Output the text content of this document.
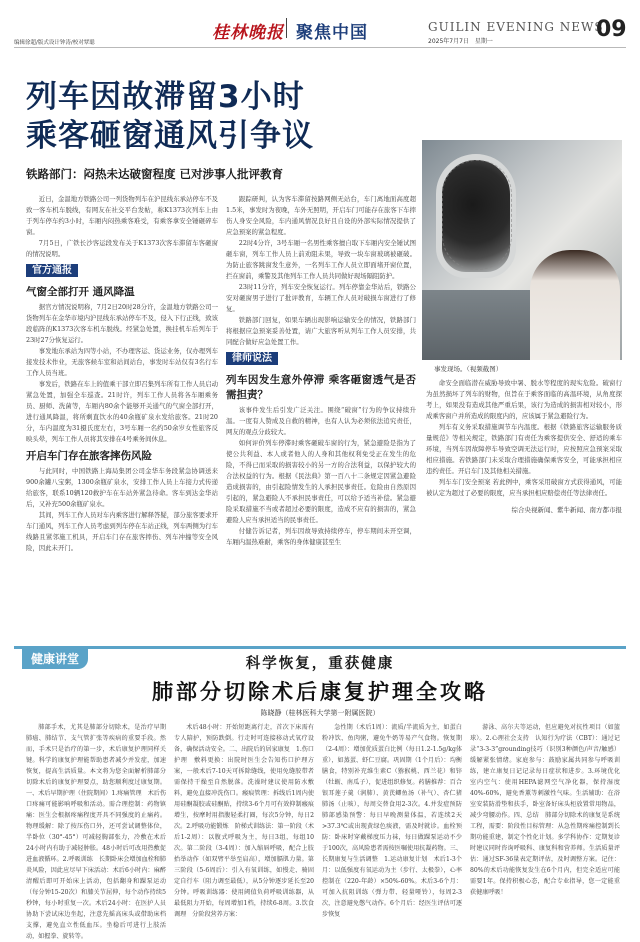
编辑徐超/版式设计钟涛/校对覃聪	桂林晚报 聚焦中国	GUILIN EVENING NEWS
2025年7月7日　星期一	09
列车因故滞留3小时
乘客砸窗通风引争议
铁路部门：闷热未达破窗程度 已对涉事人批评教育
事发现场。（视频截图）

近日，金温地方铁路公司一列货物列车在沪昆线东承站停车不及致一客车机车脱线，有网友在社交平台发帖，称K1373次列车上由于列车停车约3小时，车厢内闷热乘客难受，有乘客拿安全锤砸碎车窗。

7月5日，广铁长沙客运段发布关于K1373次客车滞留车客砸窗的情况说明。

官方通报
气窗全部打开 通风降温

据官方情况说明称，7月2日20时28分许，金温地方铁路公司一货物列车在金华市境内沪昆线东承站停车不及，侵入下行正线，致该段临阵的K1373次客车机车脱线。经紧急处置，换挂机车后列车于23时27分恢复运行。

事发地东承站为四等小站，不办理客运、货运业务，仅办理列车接发技术作业，无旅客候车室和站间站台，事发时车站仅有3名行车工作人员当班。

事发后，铁路在车上的值乘干部立即召集列车所有工作人员启动紧急处置，加强全车巡查。21时许，列车工作人员将各车厢乘务员、厨师、洗菌等，车厢内80余个能够开关通气的气窗全部打开，进行通风降温，将所剩直饮水的40余瓶矿泉水发给旅客。21时20分，车内温度为31摄氏度左右，3号车厢一名约50余岁女性旅客反映头晕，列车工作人员将其安排在4号乘务间休息。

开启车门存在旅客摔伤风险

与此同时，中国铁路上海局集团公司金华车务段紧急协调送来900余罐八宝粥，1300余瓶矿泉水，安排工作人员上车接力式传递给旅客，联系10辆120救护车在车站外紧急待命。客车到达金华站后，又补充500余瓶矿泉水。

其间，列车工作人员对车内乘客进行解释答疑，部分旅客要求开车门通风，列车工作人员考虑到列车停在车站正线，列车两侧为行车线路且紧邻施工机具，开启车门存在旅客摔伤、列车冲撞等安全风险，因此未开门。

跟踪研判，认为客车滞留按路网侧无站台，车门离地面高度超1.5米，事发时为夜晚，车外无照明，开启车门可能存在旅客下车摔伤人身安全风险，车内通风情况良好且自设的外部实际情况提供了应急预案的紧急程度。

22时4分许，3号车厢一名男性乘客擅自取下车厢内安全锤试图砸车窗，列车工作人员上前劝阻未果，导致一块车窗玻璃被砸破。为防止旅客跳窗发生意外，一名列车工作人员立即面堵开窗位置，拦在窗前，乘警及其他列车工作人员共同做好现场隔阻防护。

23时11分许，列车安全恢复运行。列车停靠金华站后，铁路公安对砸窗男子进行了批评教育，车辆工作人员对破损车窗进行了修复。

铁路部门回复，如果车辆出现影响运输安全的情况，铁路部门将根据应急预案妥善处置，请广大旅客听从列车工作人员安排，共同配合做好应急处置工作。

律师说法
列车因发生意外停滞 乘客砸窗透气是否需担责？

该事件发生后引发广泛关注。围绕“破窗”行为的争议持续升温。一度有人赞成及自救的精神，也有人认为必须依法追究责任，网友的观点分歧较大。

如何评价列车停滞时乘客砸破车窗的行为，紧急避险是指为了使公共利益、本人或者他人的人身和其他权利免受正在发生的危险，不得已而采取的损害较小的另一方的合法利益，以保护较大的合法权益的行为。根据《民法典》第一百八十二条规定因紧急避险造成损害的，由引起险情发生的人承担民事责任。危险由自然原因引起的，紧急避险人不承担民事责任，可以给予适当补偿。紧急避险采取措施不当或者超过必要的限度，造成不应有的损害的，紧急避险人应当承担适当的民事责任。

付健告诉记者，列车因故导致持续停车，停车期间未开空调，车厢内温热难耐，乘客的身体健康甚至生

命安全面临潜在威胁导致中暑、脱水等程度的现实危险。破窗行为虽然损坏了列车的财物，但旨在于乘客面临的高温环境，从角度探考上，如果没有造成其他严重后果，该行为造成的损害相对较小，形成乘客窗户并所造成的限度内的，应该属于紧急避险行为。

列车有义务采取措施调节车内温度。根据《铁路旅客运输服务质量规范》等相关规定，铁路部门有责任为乘客提供安全、舒适的乘车环境，当列车因故障停车导致空调无法运行时，应按照应急预案采取相应措施。若铁路部门未采取合理措施确保乘客安全，可能承担相应违约责任。开启车门及其他相关措施。

列车车门安全预案 若此例中，乘客采用破窗方式获得通风，可能被认定为超过了必要的限度，应当承担相应赔偿责任等法律责任。

综合央视新闻、紫牛新闻、南方都市报
健康讲堂	科学恢复，重获健康
肺部分切除术后康复护理全攻略
陈晓静（桂林医科大学第一附属医院）

肺部手术，尤其是肺部分切除术，是治疗早期肺癌、肺结节、支气管扩张等疾病的重要手段。然而，手术只是治疗的第一步，术后康复护理同样关键。科学的康复护理能帮助患者减少并发症，加速恢复，提高生活质量。本文将为您全面解析肺部分切除术后的康复护理要点，助您顺利度过康复期。一、术后早期护理（住院期间）1.疼痛管理　术后伤口疼痛可能影响呼吸和活动。需合理控制：药物镇痛：医生会根据疼痛程度开具不同强度的止痛药。物理缓解：除了按压伤口外，还可尝试调整体位，半卧位（30°-45°）可减轻胸部张力，冷敷在术后24小时内有助于减轻肿胀。48小时后可改用热敷促进血液循环。2.呼吸训练　长期卧床会增加血栓和肺炎风险，因此应尽早下床活动：术后6小时内：麻醉清醒后即可开始床上活动，包括翻身和踝泵运动（每分钟15-20次）和膝关节屈伸，每个动作持续5秒钟，每小时重复一次。术后24小时：在医护人员协助下尝试床边坐起，注意先摇高床头或借助床档支撑，避免直立性低血压。坐稳后可进行上肢活动，如握拳、旋转等。

术后48小时：开始短距离行走，首次下床需有专人陪护，预防跌倒。行走时可连接移动式氧疗设备，确保活动安全。二、出院后的居家康复　1.伤口护理　敷料更换：出院时医生会告知伤口护理方案，一般术后7-10天可拆除缝线，使用免缝胶带者需保持干燥至自然脱落。洗澡时建议使用防水敷料，避免直接冲洗伤口。瘢痕管理：拆线后1周内使用硅酮凝胶或硅酮贴，持续3-6个月可有效抑制瘢痕增生，按摩时用指腹轻柔打圈，每次5分钟，每日2次。2.呼吸功能锻炼　阶梯式训练法：第一阶段（术后1-2周）：以腹式呼吸为主，每日3组，每组10次。第二阶段（3-4周）：加入缩唇呼吸，配合上肢抬举动作（如双臂平举至肩高），增加膈肌力量。第三阶段（5-6周后）：引入有氧训练，如慢走、骑固定自行车（阻力调至最低），从5分钟逐步延长至20分钟。呼吸训练器：使用阈值负荷呼吸训练器，从最低阻力开始，每周增加1档，持续6-8周。3.饮食调理　分阶段营养方案：

急性期（术后1周）：流质/半流质为主，如蛋白粉冲饮、鱼肉粥，避免牛奶等易产气食物。恢复期（2-4周）：增加优质蛋白比例（每日1.2-1.5g/kg体重），如蒸蛋、虾仁豆腐。巩固期（1个月后）：均衡膳食，特别补充维生素C（猕猴桃、西兰花）和锌（牡蛎、南瓜子），促进组织修复。药膳推荐：百合银耳莲子羹（润肺）、黄芪鲫鱼汤（补气）、杏仁猪肺汤（止咳），每周交替食用2-3次。4.并发症预防　肺部感染预警：每日早晚测量体温，若连续2天>37.3℃或出现黄绿色痰液，需及时就诊。血栓预防：卧床时穿戴梯度压力袜，每日做踝泵运动不少于100次，高风险患者需按医嘱使用抗凝药物。三、长期康复与生活调整　1.运动康复计划　术后1-3个月：以低强度有氧运动为主（步行、太极拳），心率控制在（220-年龄）×50%-60%。术后3-6个月：可加入抗阻训练（弹力带、轻量哑铃），每周2-3次，注意避免憋气动作。6个月后：经医生评估可逐步恢复

游泳、高尔夫等运动，但应避免对抗性项目（如篮球）。2.心理社会支持　认知行为疗法（CBT）：通过记录“3-3-3”grounding技巧（识别3种颜色/声音/触感）缓解紧张情绪。家庭参与：鼓励家属共同参与呼吸训练，建立康复日记记录每日症状和进步。3.环境优化　室内空气：使用HEPA滤网空气净化器，保持湿度40%-60%，避免香薰等刺激性气味。生活辅助：在浴室安装防滑垫和扶手，卧室备好床头柜放置常用物品，减少弯腰动作。四、总结　肺部分切除术的康复是系统工程，需要：阶段性目标管理：从急性期疼痛控制到长期功能重建，制定个性化计划。多学科协作：定期复诊时建议同时咨询呼吸科、康复科和营养师。生活质量评估：通过SF-36量表定期评估，及时调整方案。记住：80%的术后功能恢复发生在6个月内，但完全适应可能需要1年。保持积极心态，配合专业指导，您一定能重获健康呼吸！
